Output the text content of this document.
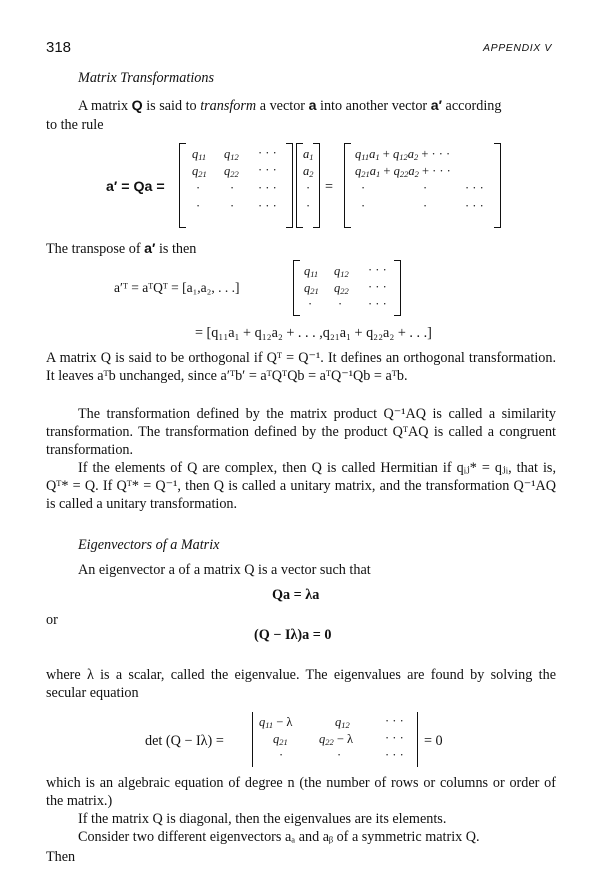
318	APPENDIX V
Matrix Transformations
A matrix Q is said to transform a vector a into another vector a′ according
to the rule
a′ = Qa =
$q_{11}$ $q_{12}$ · · ·
$q_{21}$ $q_{22}$ · · ·
· · · · ·
· · · · ·
$a_1$
$a_2$
·
·
=
$q_{11}a_1 + q_{12}a_2$ + · · ·
$q_{21}a_1 + q_{22}a_2$ + · · ·
·	·	· · ·
·	·	· · ·
The transpose of a′ is then
a′ᵀ = aᵀQᵀ = [a₁,a₂, . . .]
$q_{11}$ $q_{12}$ · · ·
$q_{21}$ $q_{22}$ · · ·
· · · · ·
= [q₁₁a₁ + q₁₂a₂ + . . . ,q₂₁a₁ + q₂₂a₂ + . . .]
A matrix Q is said to be orthogonal if Qᵀ = Q⁻¹. It defines an orthogonal transformation. It leaves aᵀb unchanged, since a′ᵀb′ = aᵀQᵀQb = aᵀQ⁻¹Qb = aᵀb.
The transformation defined by the matrix product Q⁻¹AQ is called a similarity transformation. The transformation defined by the product QᵀAQ is called a congruent transformation.
If the elements of Q are complex, then Q is called Hermitian if qᵢⱼ* = qⱼᵢ, that is, Qᵀ* = Q. If Qᵀ* = Q⁻¹, then Q is called a unitary matrix, and the transformation Q⁻¹AQ is called a unitary transformation.
Eigenvectors of a Matrix
An eigenvector a of a matrix Q is a vector such that
Qa = λa
or
(Q − Iλ)a = 0
where λ is a scalar, called the eigenvalue. The eigenvalues are found by solving the secular equation
det (Q − Iλ) =
$q_{11} - \lambda$	$q_{12}$	· · ·
$q_{21}$	$q_{22} - \lambda$	· · ·
·	·	· · ·
= 0
which is an algebraic equation of degree n (the number of rows or columns or order of the matrix.)
If the matrix Q is diagonal, then the eigenvalues are its elements.
Consider two different eigenvectors aₐ and aᵦ of a symmetric matrix Q.
Then
